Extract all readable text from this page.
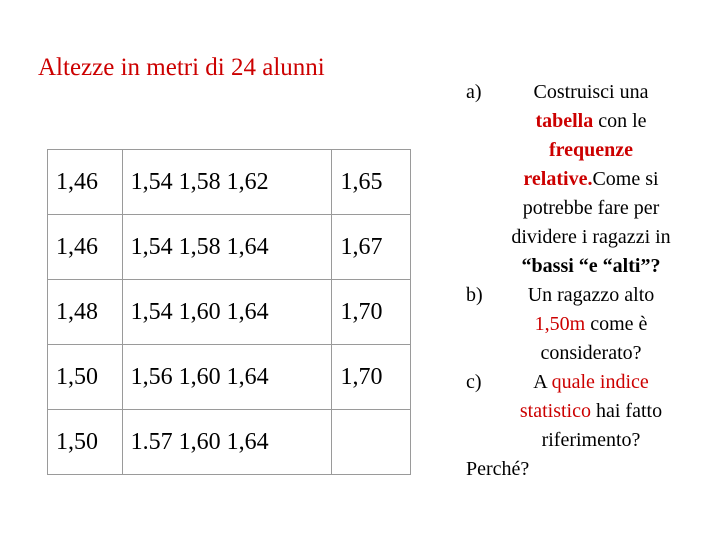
Altezze in metri di 24 alunni
1,46	1,54 1,58 1,62	1,65
1,46	1,54 1,58 1,64	1,67
1,48	1,54 1,60 1,64	1,70
1,50	1,56 1,60 1,64	1,70
1,50	1.57 1,60 1,64	
a)	Costruisci una tabella con le frequenze relative.Come si potrebbe fare per dividere i ragazzi in “bassi “e “alti”?
b)	Un ragazzo alto 1,50m come è considerato?
c)	A quale indice statistico hai fatto riferimento?
Perché?
